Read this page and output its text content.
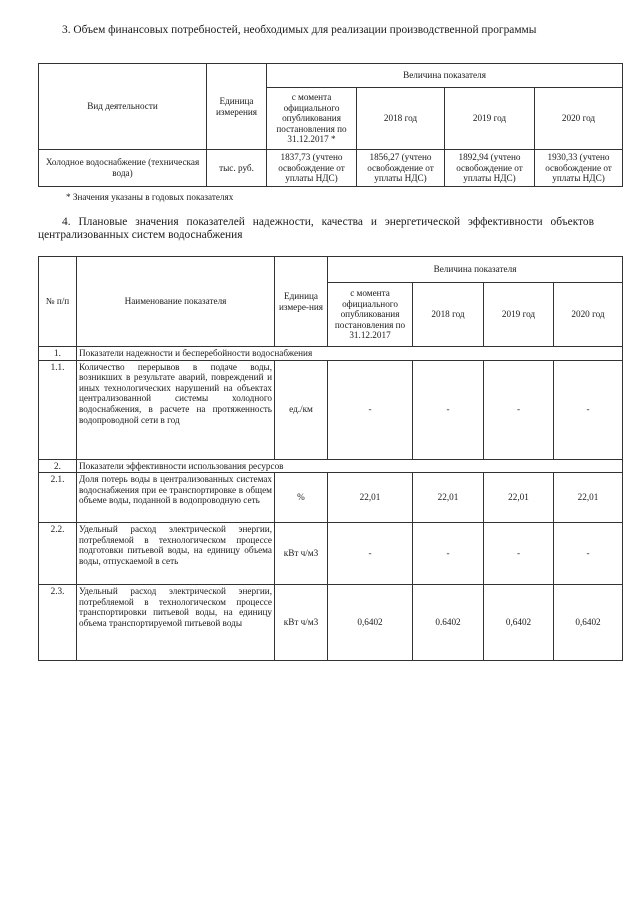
3. Объем финансовых потребностей, необходимых для реализации производственной программы
Вид деятельности	Единица измерения	Величина показателя			
		с момента официального опубликования постановления по 31.12.2017 *	2018 год	2019 год	2020 год
Холодное водоснабжение (техническая вода)	тыс. руб.	1837,73 (учтено освобождение от уплаты НДС)	1856,27 (учтено освобождение от уплаты НДС)	1892,94 (учтено освобождение от уплаты НДС)	1930,33 (учтено освобождение от уплаты НДС)
* Значения указаны в годовых показателях
4. Плановые значения показателей надежности, качества и энергетической эффективности объектов централизованных систем водоснабжения
№ п/п	Наименование показателя	Единица измере-ния	Величина показателя			
			с момента официального опубликования постановления по 31.12.2017	2018 год	2019 год	2020 год
1.	Показатели надежности и бесперебойности водоснабжения					
1.1.	Количество перерывов в подаче воды, возникших в результате аварий, повреждений и иных технологических нарушений на объектах централизованной системы холодного водоснабжения, в расчете на протяженность водопроводной сети в год	ед./км	-	-	-	-
2.	Показатели эффективности использования ресурсов					
2.1.	Доля потерь воды в централизованных системах водоснабжения при ее транспортировке в общем объеме воды, поданной в водопроводную сеть	%	22,01	22,01	22,01	22,01
2.2.	Удельный расход электрической энергии, потребляемой в технологическом процессе подготовки питьевой воды, на единицу объема воды, отпускаемой в сеть	кВт ч/м3	-	-	-	-
2.3.	Удельный расход электрической энергии, потребляемой в технологическом процессе транспортировки питьевой воды, на единицу объема транспортируемой питьевой воды	кВт ч/м3	0,6402	0.6402	0,6402	0,6402
